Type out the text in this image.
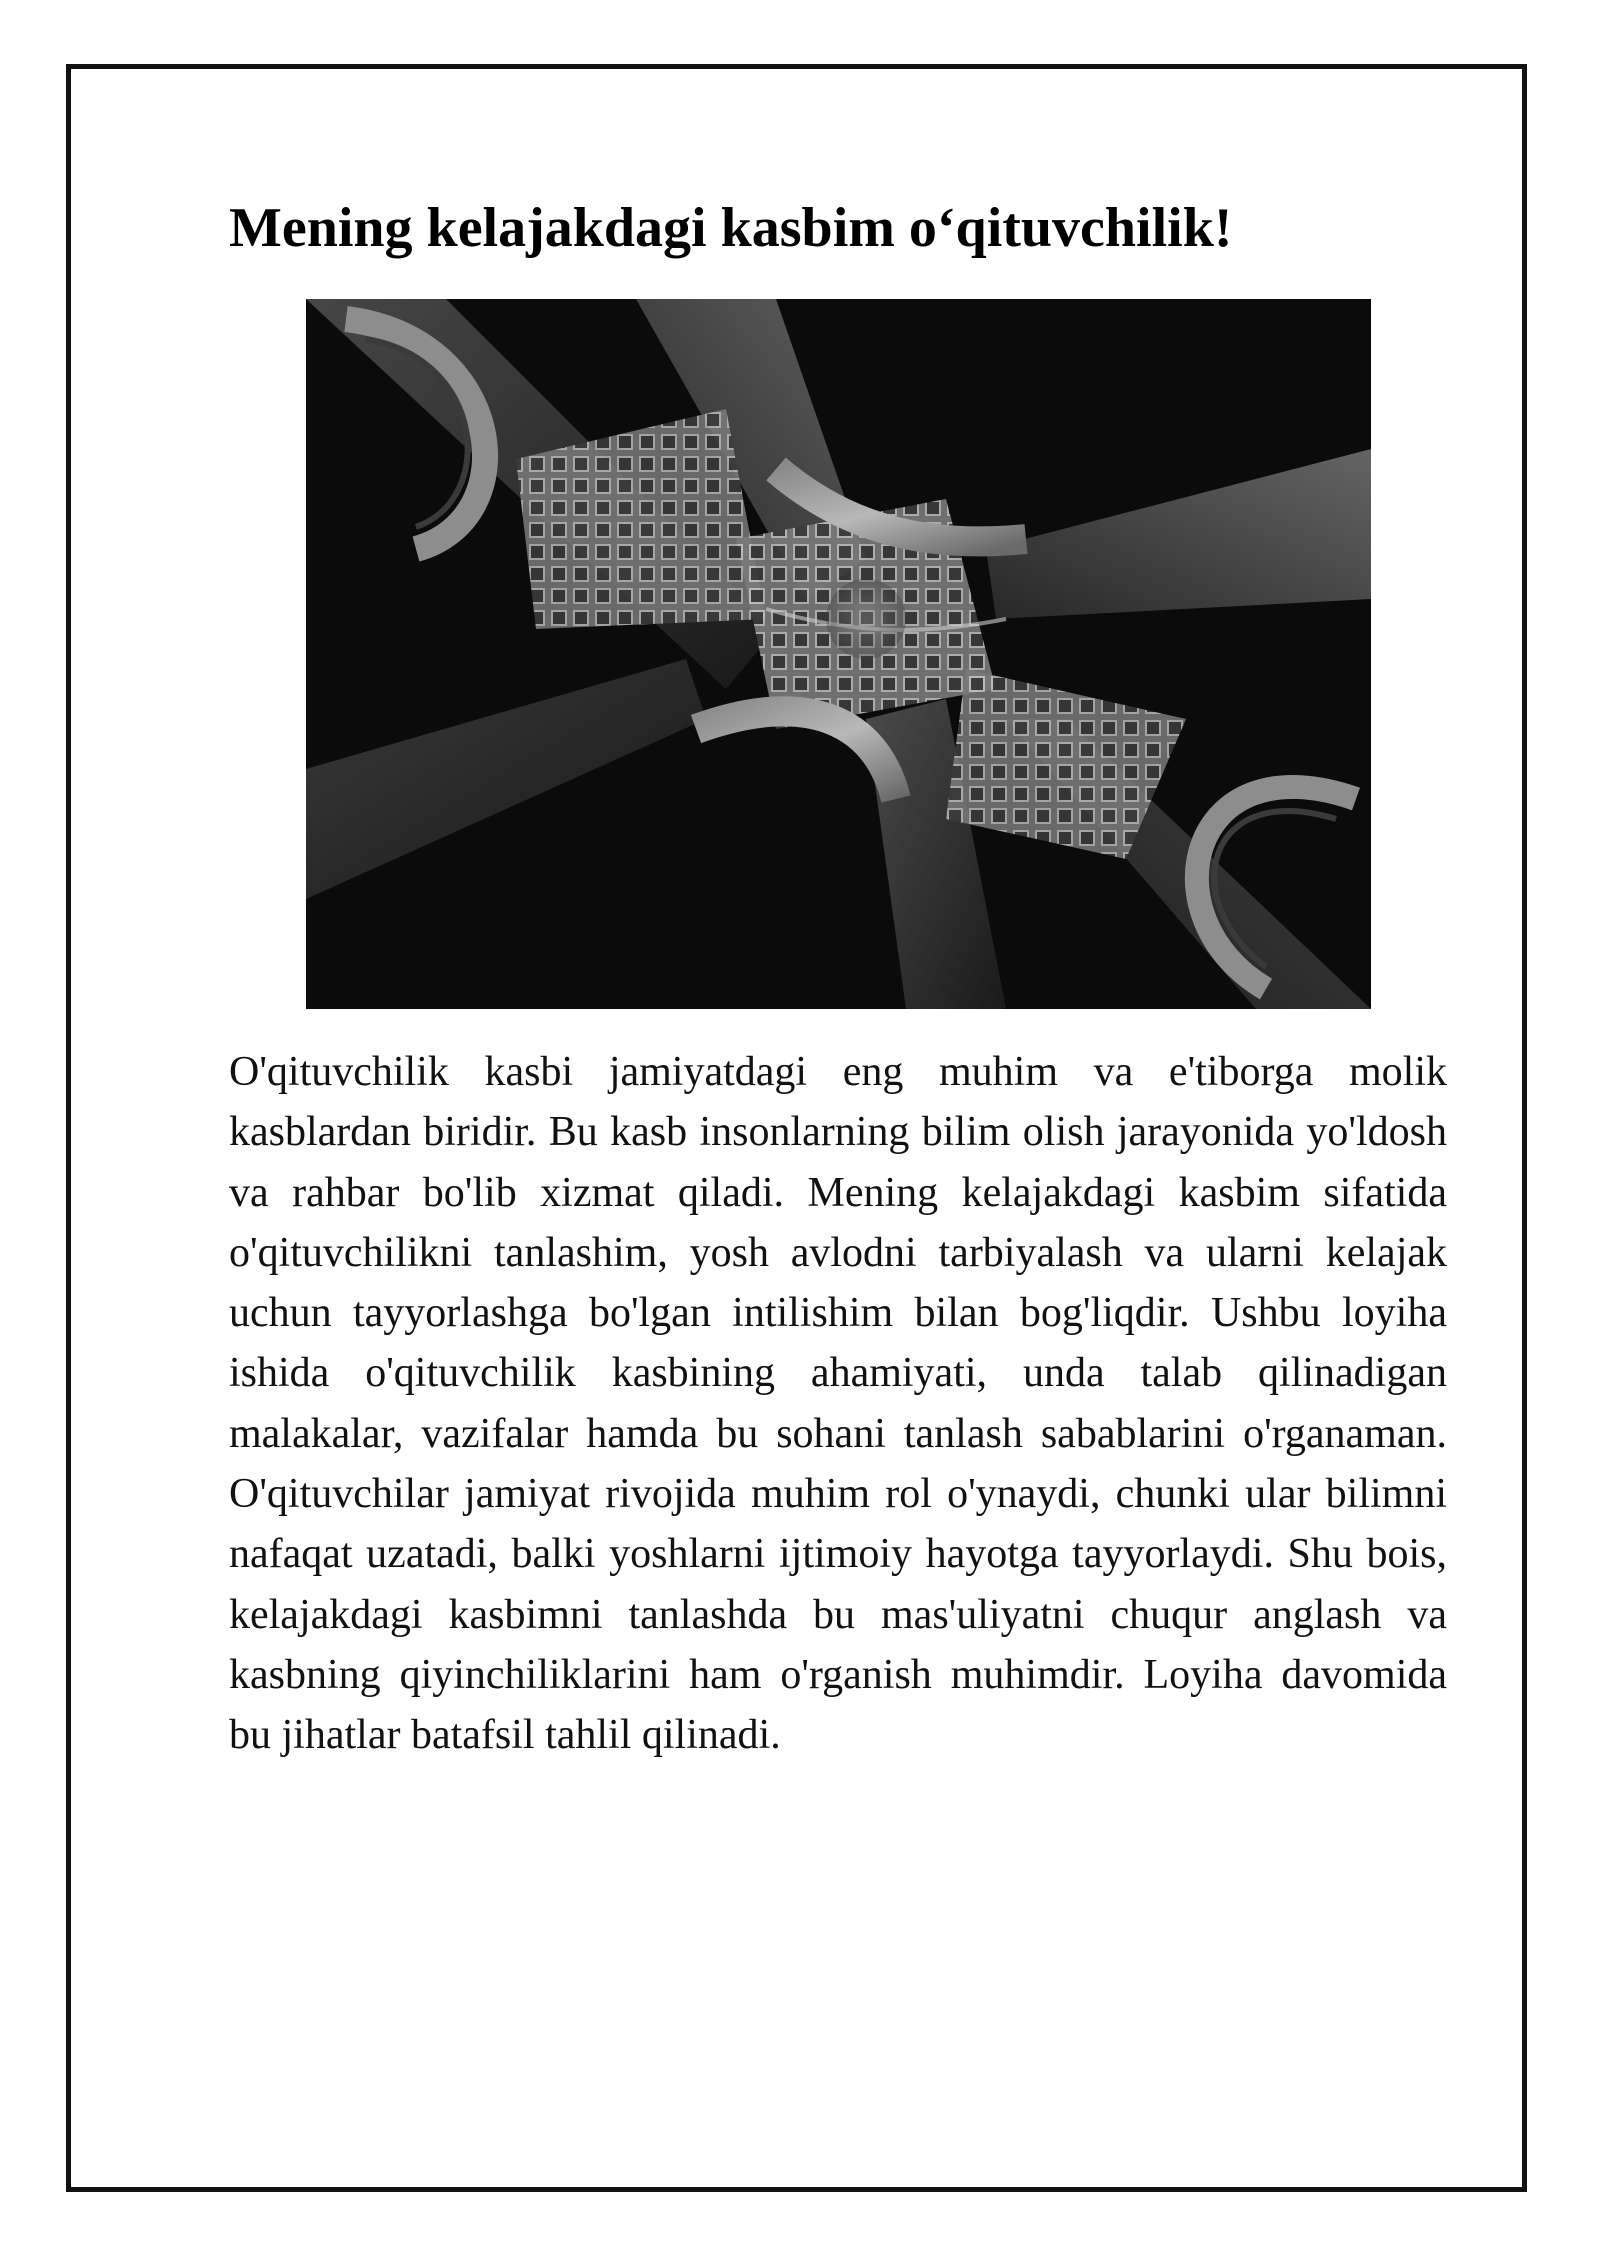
Mening kelajakdagi kasbim o‘qituvchilik!

O'qituvchilik kasbi jamiyatdagi eng muhim va e'tiborga molik kasblardan biridir. Bu kasb insonlarning bilim olish jarayonida yo'ldosh va rahbar bo'lib xizmat qiladi. Mening kelajakdagi kasbim sifatida o'qituvchilikni tanlashim, yosh avlodni tarbiyalash va ularni kelajak uchun tayyorlashga bo'lgan intilishim bilan bog'liqdir. Ushbu loyiha ishida o'qituvchilik kasbining ahamiyati, unda talab qilinadigan malakalar, vazifalar hamda bu sohani tanlash sabablarini o'rganaman. O'qituvchilar jamiyat rivojida muhim rol o'ynaydi, chunki ular bilimni nafaqat uzatadi, balki yoshlarni ijtimoiy hayotga tayyorlaydi. Shu bois, kelajakdagi kasbimni tanlashda bu mas'uliyatni chuqur anglash va kasbning qiyinchiliklarini ham o'rganish muhimdir. Loyiha davomida bu jihatlar batafsil tahlil qilinadi.
